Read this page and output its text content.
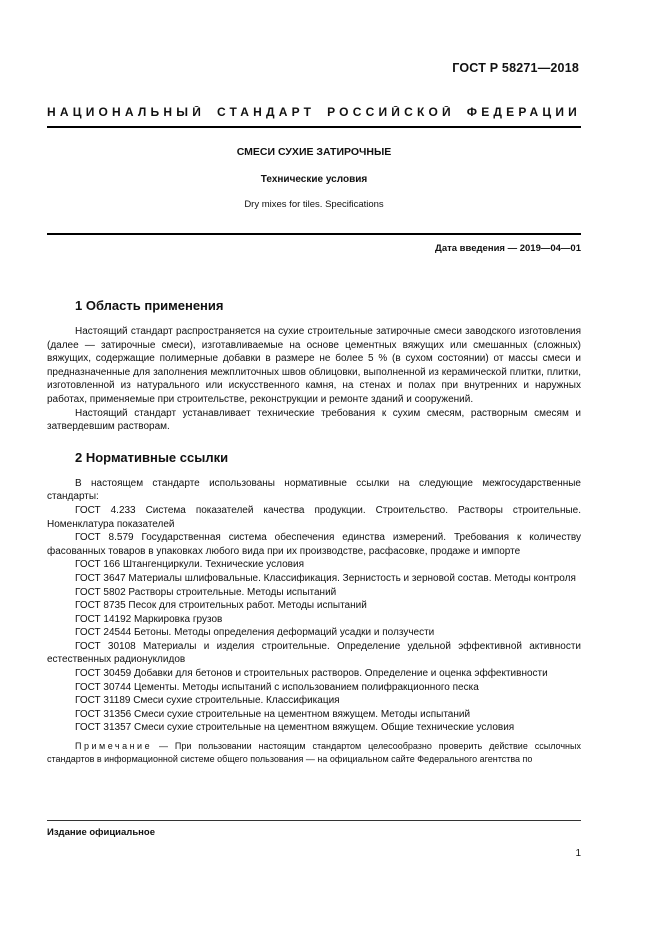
ГОСТ Р 58271—2018
НАЦИОНАЛЬНЫЙ СТАНДАРТ РОССИЙСКОЙ ФЕДЕРАЦИИ
СМЕСИ СУХИЕ ЗАТИРОЧНЫЕ
Технические условия
Dry mixes for tiles. Specifications
Дата введения — 2019—04—01
1 Область применения

Настоящий стандарт распространяется на сухие строительные затирочные смеси заводского изготовления (далее — затирочные смеси), изготавливаемые на основе цементных вяжущих или смешанных (сложных) вяжущих, содержащие полимерные добавки в размере не более 5 % (в сухом состоянии) от массы смеси и предназначенные для заполнения межплиточных швов облицовки, выполненной из керамической плитки, плитки, изготовленной из натурального или искусственного камня, на стенах и полах при внутренних и наружных работах, применяемые при строительстве, реконструкции и ремонте зданий и сооружений.

Настоящий стандарт устанавливает технические требования к сухим смесям, растворным смесям и затвердевшим растворам.

2 Нормативные ссылки

В настоящем стандарте использованы нормативные ссылки на следующие межгосударственные стандарты:

ГОСТ 4.233 Система показателей качества продукции. Строительство. Растворы строительные. Номенклатура показателей
ГОСТ 8.579 Государственная система обеспечения единства измерений. Требования к количеству фасованных товаров в упаковках любого вида при их производстве, расфасовке, продаже и импорте
ГОСТ 166 Штангенциркули. Технические условия
ГОСТ 3647 Материалы шлифовальные. Классификация. Зернистость и зерновой состав. Методы контроля
ГОСТ 5802 Растворы строительные. Методы испытаний
ГОСТ 8735 Песок для строительных работ. Методы испытаний
ГОСТ 14192 Маркировка грузов
ГОСТ 24544 Бетоны. Методы определения деформаций усадки и ползучести
ГОСТ 30108 Материалы и изделия строительные. Определение удельной эффективной активности естественных радионуклидов
ГОСТ 30459 Добавки для бетонов и строительных растворов. Определение и оценка эффективности
ГОСТ 30744 Цементы. Методы испытаний с использованием полифракционного песка
ГОСТ 31189 Смеси сухие строительные. Классификация
ГОСТ 31356 Смеси сухие строительные на цементном вяжущем. Методы испытаний
ГОСТ 31357 Смеси сухие строительные на цементном вяжущем. Общие технические условия
Примечание — При пользовании настоящим стандартом целесообразно проверить действие ссылочных стандартов в информационной системе общего пользования — на официальном сайте Федерального агентства по
Издание официальное
1
